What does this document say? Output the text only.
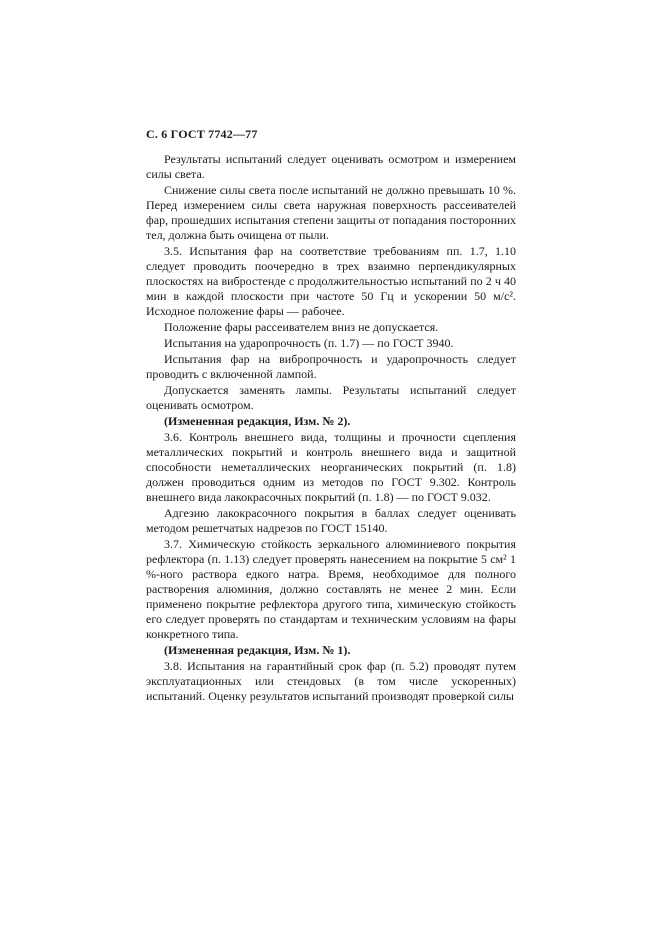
С. 6 ГОСТ 7742—77

Результаты испытаний следует оценивать осмотром и измерением силы света.

Снижение силы света после испытаний не должно превышать 10 %. Перед измерением силы света наружная поверхность рассеивателей фар, прошедших испытания степени защиты от попадания посторонних тел, должна быть очищена от пыли.

3.5. Испытания фар на соответствие требованиям пп. 1.7, 1.10 следует проводить поочередно в трех взаимно перпендикулярных плоскостях на вибростенде с продолжительностью испытаний по 2 ч 40 мин в каждой плоскости при частоте 50 Гц и ускорении 50 м/с². Исходное положение фары — рабочее.

Положение фары рассеивателем вниз не допускается.

Испытания на ударопрочность (п. 1.7) — по ГОСТ 3940.

Испытания фар на вибропрочность и ударопрочность следует проводить с включенной лампой.

Допускается заменять лампы. Результаты испытаний следует оценивать осмотром.

(Измененная редакция, Изм. № 2).

3.6. Контроль внешнего вида, толщины и прочности сцепления металлических покрытий и контроль внешнего вида и защитной способности неметаллических неорганических покрытий (п. 1.8) должен проводиться одним из методов по ГОСТ 9.302. Контроль внешнего вида лакокрасочных покрытий (п. 1.8) — по ГОСТ 9.032.

Адгезию лакокрасочного покрытия в баллах следует оценивать методом решетчатых надрезов по ГОСТ 15140.

3.7. Химическую стойкость зеркального алюминиевого покрытия рефлектора (п. 1.13) следует проверять нанесением на покрытие 5 см² 1 %-ного раствора едкого натра. Время, необходимое для полного растворения алюминия, должно составлять не менее 2 мин. Если применено покрытие рефлектора другого типа, химическую стойкость его следует проверять по стандартам и техническим условиям на фары конкретного типа.

(Измененная редакция, Изм. № 1).

3.8. Испытания на гарантийный срок фар (п. 5.2) проводят путем эксплуатационных или стендовых (в том числе ускоренных) испытаний. Оценку результатов испытаний производят проверкой силы
